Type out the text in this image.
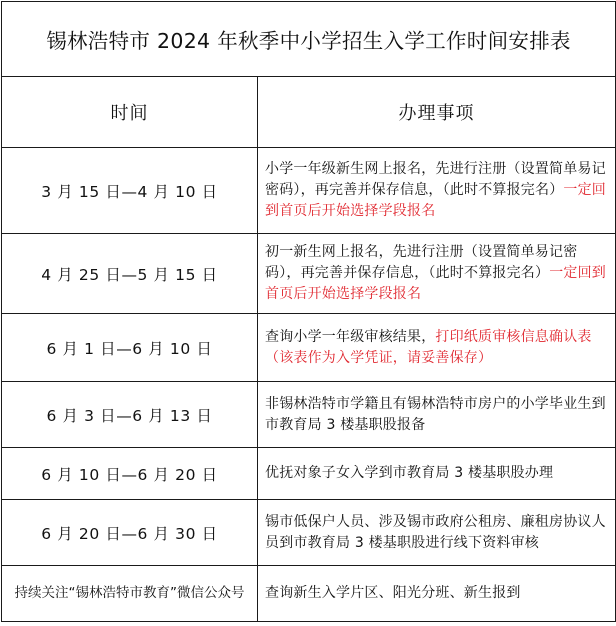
锡林浩特市 2024 年秋季中小学招生入学工作时间安排表	
时间	办理事项
3 月 15 日—4 月 10 日	小学一年级新生网上报名，先进行注册（设置简单易记密码），再完善并保存信息，（此时不算报完名）一定回到首页后开始选择学段报名
4 月 25 日—5 月 15 日	初一新生网上报名，先进行注册（设置简单易记密码），再完善并保存信息，（此时不算报完名）一定回到首页后开始选择学段报名
6 月 1 日—6 月 10 日	查询小学一年级审核结果，打印纸质审核信息确认表（该表作为入学凭证，请妥善保存）
6 月 3 日—6 月 13 日	非锡林浩特市学籍且有锡林浩特市房户的小学毕业生到市教育局 3 楼基职股报备
6 月 10 日—6 月 20 日	优抚对象子女入学到市教育局 3 楼基职股办理
6 月 20 日—6 月 30 日	锡市低保户人员、涉及锡市政府公租房、廉租房协议人员到市教育局 3 楼基职股进行线下资料审核
持续关注“锡林浩特市教育”微信公众号	查询新生入学片区、阳光分班、新生报到
